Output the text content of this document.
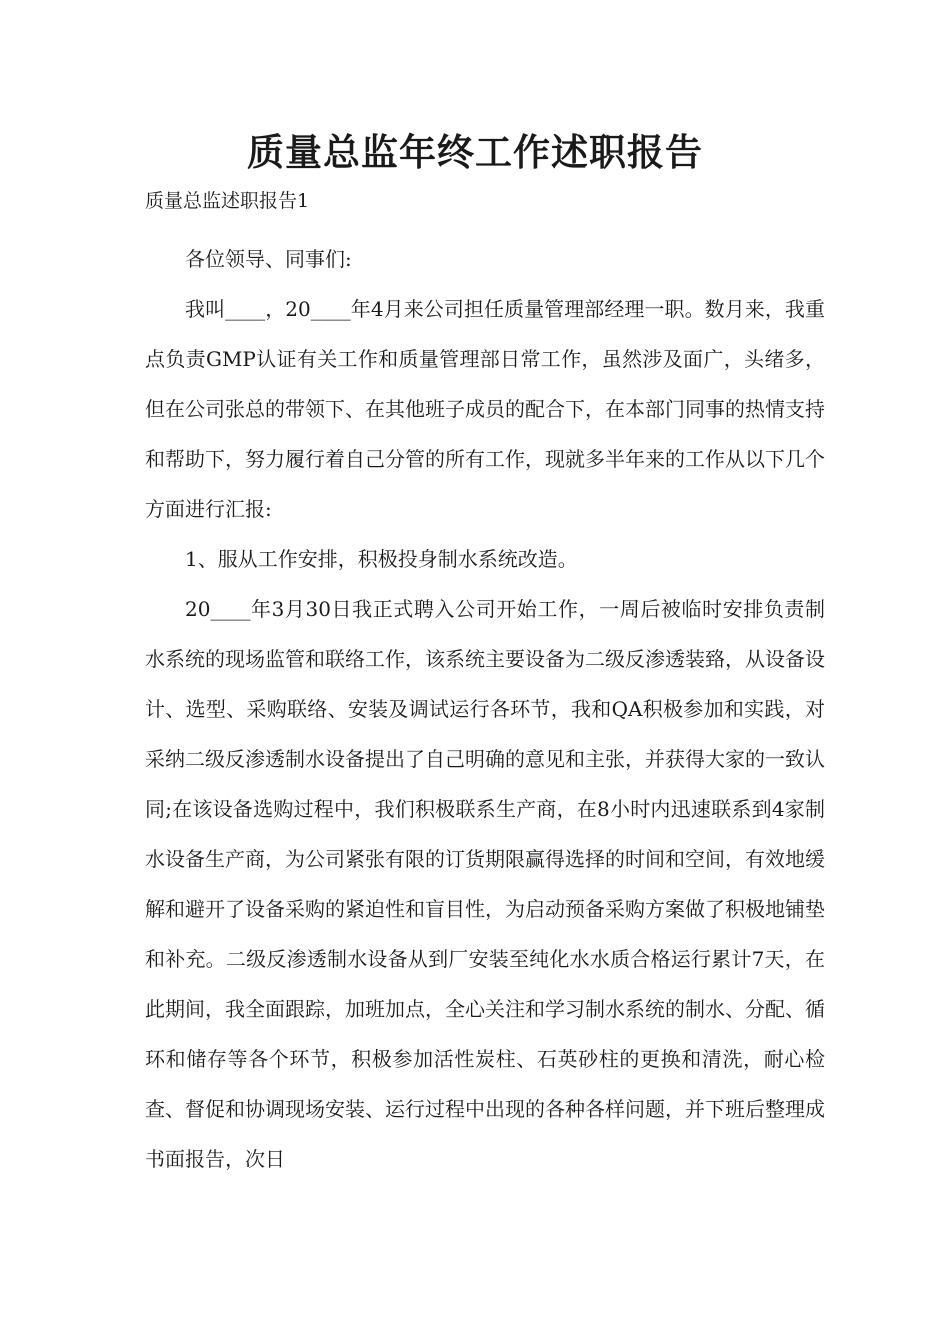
质量总监年终工作述职报告
质量总监述职报告1

各位领导、同事们:

我叫____，20____年4月来公司担任质量管理部经理一职。数月来，我重点负责GMP认证有关工作和质量管理部日常工作，虽然涉及面广，头绪多，但在公司张总的带领下、在其他班子成员的配合下，在本部门同事的热情支持和帮助下，努力履行着自己分管的所有工作，现就多半年来的工作从以下几个方面进行汇报:

1、服从工作安排，积极投身制水系统改造。

20____年3月30日我正式聘入公司开始工作，一周后被临时安排负责制水系统的现场监管和联络工作，该系统主要设备为二级反渗透装臵，从设备设计、选型、采购联络、安装及调试运行各环节，我和QA积极参加和实践，对采纳二级反渗透制水设备提出了自己明确的意见和主张，并获得大家的一致认同;在该设备选购过程中，我们积极联系生产商，在8小时内迅速联系到4家制水设备生产商，为公司紧张有限的订货期限赢得选择的时间和空间，有效地缓解和避开了设备采购的紧迫性和盲目性，为启动预备采购方案做了积极地铺垫和补充。二级反渗透制水设备从到厂安装至纯化水水质合格运行累计7天，在此期间，我全面跟踪，加班加点，全心关注和学习制水系统的制水、分配、循环和储存等各个环节，积极参加活性炭柱、石英砂柱的更换和清洗，耐心检查、督促和协调现场安装、运行过程中出现的各种各样问题，并下班后整理成书面报告，次日
